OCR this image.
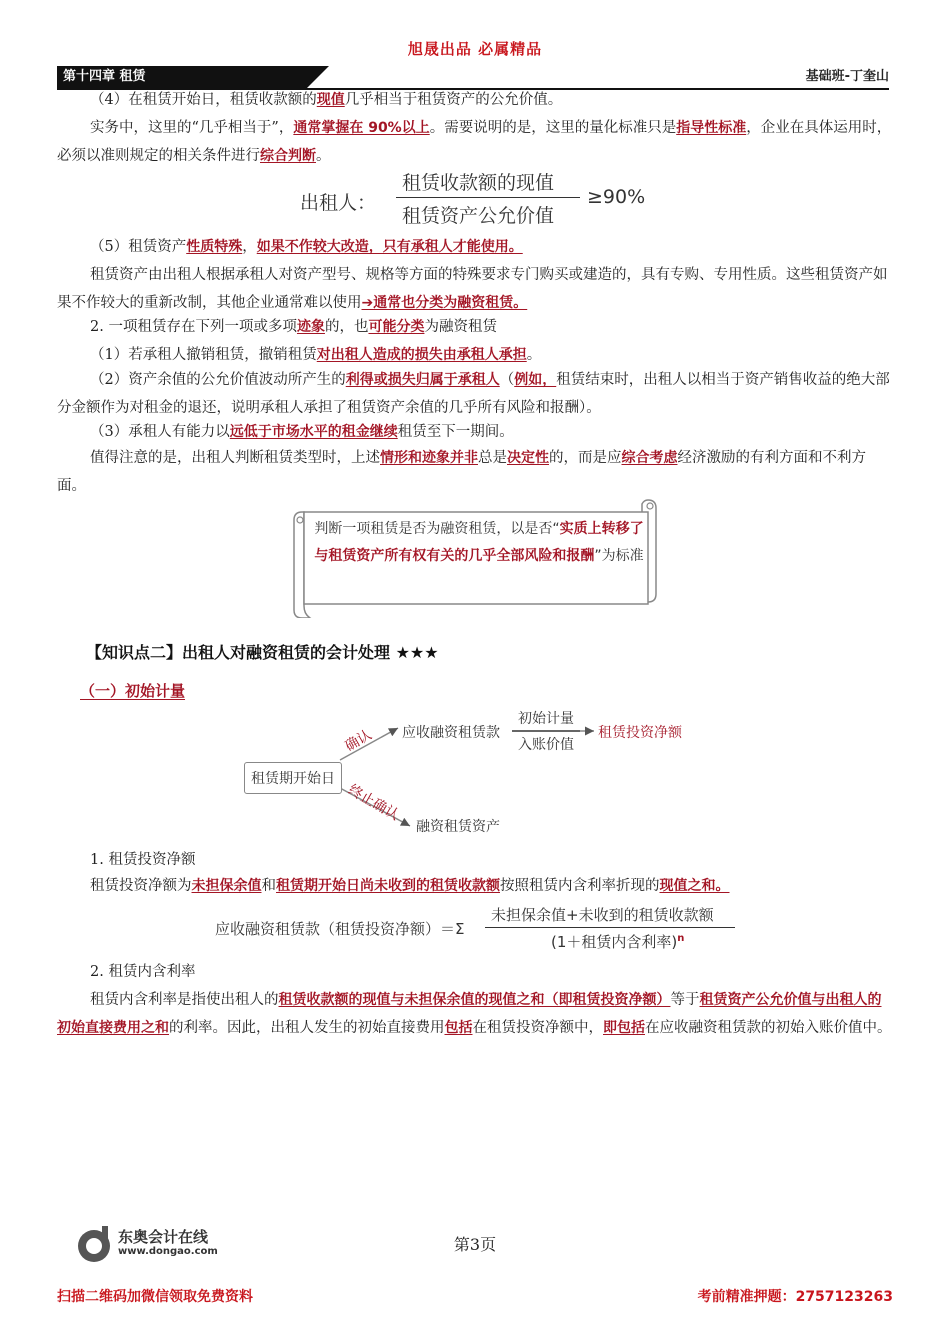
旭晟出品 必属精品
第十四章 租赁	基础班-丁奎山
（4）在租赁开始日，租赁收款额的现值几乎相当于租赁资产的公允价值。
实务中，这里的“几乎相当于”，通常掌握在 90%以上。需要说明的是，这里的量化标准只是指导性标准，企业在具体运用时，必须以准则规定的相关条件进行综合判断。
出租人：
租赁收款额的现值
租赁资产公允价值
≥90%
（5）租赁资产性质特殊，如果不作较大改造，只有承租人才能使用。
租赁资产由出租人根据承租人对资产型号、规格等方面的特殊要求专门购买或建造的，具有专购、专用性质。这些租赁资产如果不作较大的重新改制，其他企业通常难以使用➔通常也分类为融资租赁。
2. 一项租赁存在下列一项或多项迹象的，也可能分类为融资租赁
（1）若承租人撤销租赁，撤销租赁对出租人造成的损失由承租人承担。
（2）资产余值的公允价值波动所产生的利得或损失归属于承租人（例如，租赁结束时，出租人以相当于资产销售收益的绝大部分金额作为对租金的退还，说明承租人承担了租赁资产余值的几乎所有风险和报酬）。
（3）承租人有能力以远低于市场水平的租金继续租赁至下一期间。
值得注意的是，出租人判断租赁类型时，上述情形和迹象并非总是决定性的，而是应综合考虑经济激励的有利方面和不利方面。
判断一项租赁是否为融资租赁，以是否“实质上转移了与租赁资产所有权有关的几乎全部风险和报酬”为标准
【知识点二】出租人对融资租赁的会计处理 ★★★
（一）初始计量
租赁期开始日
确认
终止确认
应收融资租赁款
初始计量
入账价值
租赁投资净额
融资租赁资产
1. 租赁投资净额
租赁投资净额为未担保余值和租赁期开始日尚未收到的租赁收款额按照租赁内含利率折现的现值之和。
应收融资租赁款（租赁投资净额）＝Σ
未担保余值+未收到的租赁收款额
(1＋租赁内含利率)$^n$
2. 租赁内含利率
租赁内含利率是指使出租人的租赁收款额的现值与未担保余值的现值之和（即租赁投资净额）等于租赁资产公允价值与出租人的初始直接费用之和的利率。因此，出租人发生的初始直接费用包括在租赁投资净额中，即包括在应收融资租赁款的初始入账价值中。
东奥会计在线
www.dongao.com	第3页
扫描二维码加微信领取免费资料	考前精准押题：2757123263
